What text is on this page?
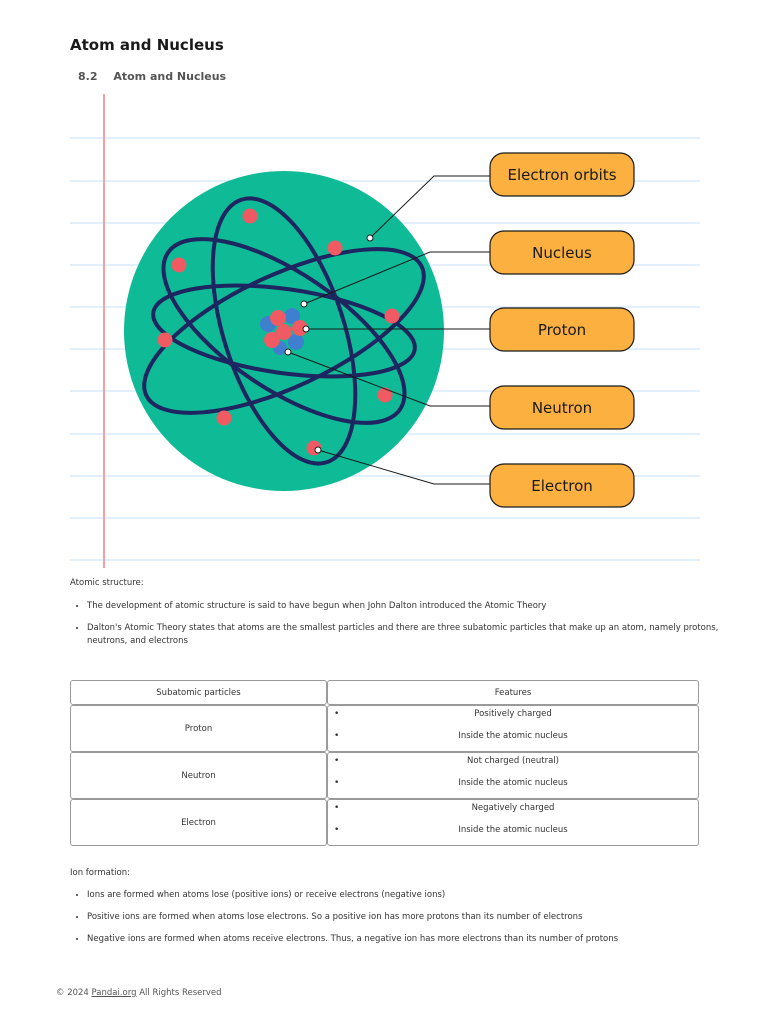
Atom and Nucleus
8.2 Atom and Nucleus
Electron orbits
Nucleus
Proton
Neutron
Electron
Atomic structure:
• The development of atomic structure is said to have begun when John Dalton introduced the Atomic Theory
• Dalton's Atomic Theory states that atoms are the smallest particles and there are three subatomic particles that make up an atom, namely protons, neutrons, and electrons
Subatomic particles	Features
Proton	• Positively charged
• Inside the atomic nucleus

Neutron	• Not charged (neutral)
• Inside the atomic nucleus

Electron	• Negatively charged
• Inside the atomic nucleus
Ion formation:
• Ions are formed when atoms lose (positive ions) or receive electrons (negative ions)
• Positive ions are formed when atoms lose electrons. So a positive ion has more protons than its number of electrons
• Negative ions are formed when atoms receive electrons. Thus, a negative ion has more electrons than its number of protons
© 2024 Pandai.org All Rights Reserved
